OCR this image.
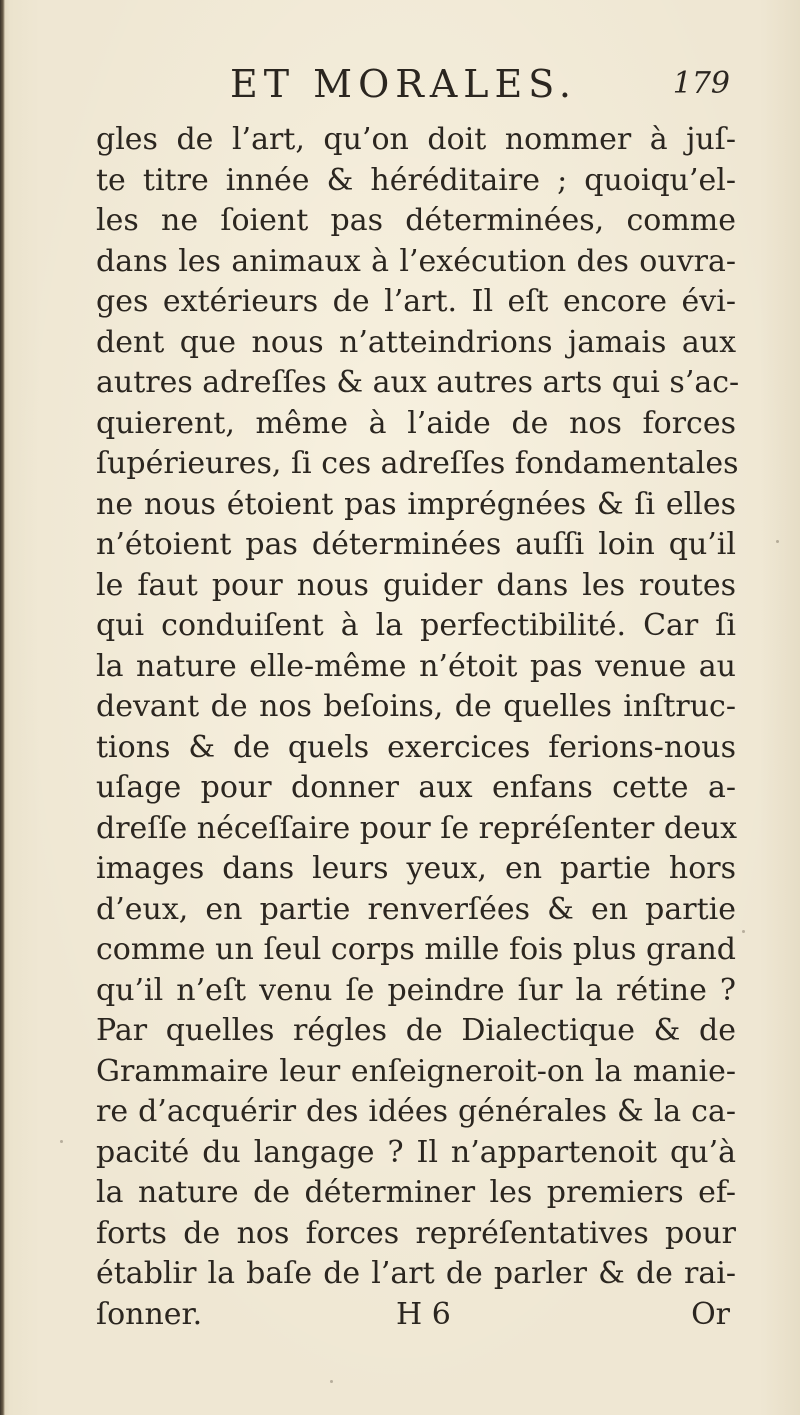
ET MORALES.	179
gles de l’art, qu’on doit nommer à juſ-
te titre innée & héréditaire ; quoiqu’el-
les ne ſoient pas déterminées, comme
dans les animaux à l’exécution des ouvra-
ges extérieurs de l’art. Il eſt encore évi-
dent que nous n’atteindrions jamais aux
autres adreſſes & aux autres arts qui s’ac-
quierent, même à l’aide de nos forces
ſupérieures, ſi ces adreſſes fondamentales
ne nous étoient pas imprégnées & ſi elles
n’étoient pas déterminées auſſi loin qu’il
le faut pour nous guider dans les routes
qui conduiſent à la perfectibilité. Car ſi
la nature elle-même n’étoit pas venue au
devant de nos beſoins, de quelles inſtruc-
tions & de quels exercices ferions-nous
uſage pour donner aux enfans cette a-
dreſſe néceſſaire pour ſe repréſenter deux
images dans leurs yeux, en partie hors
d’eux, en partie renverſées & en partie
comme un ſeul corps mille fois plus grand
qu’il n’eſt venu ſe peindre ſur la rétine ?
Par quelles régles de Dialectique & de
Grammaire leur enſeigneroit-on la manie-
re d’acquérir des idées générales & la ca-
pacité du langage ? Il n’appartenoit qu’à
la nature de déterminer les premiers ef-
forts de nos forces repréſentatives pour
établir la baſe de l’art de parler & de rai-
ſonner.	H 6	Or
